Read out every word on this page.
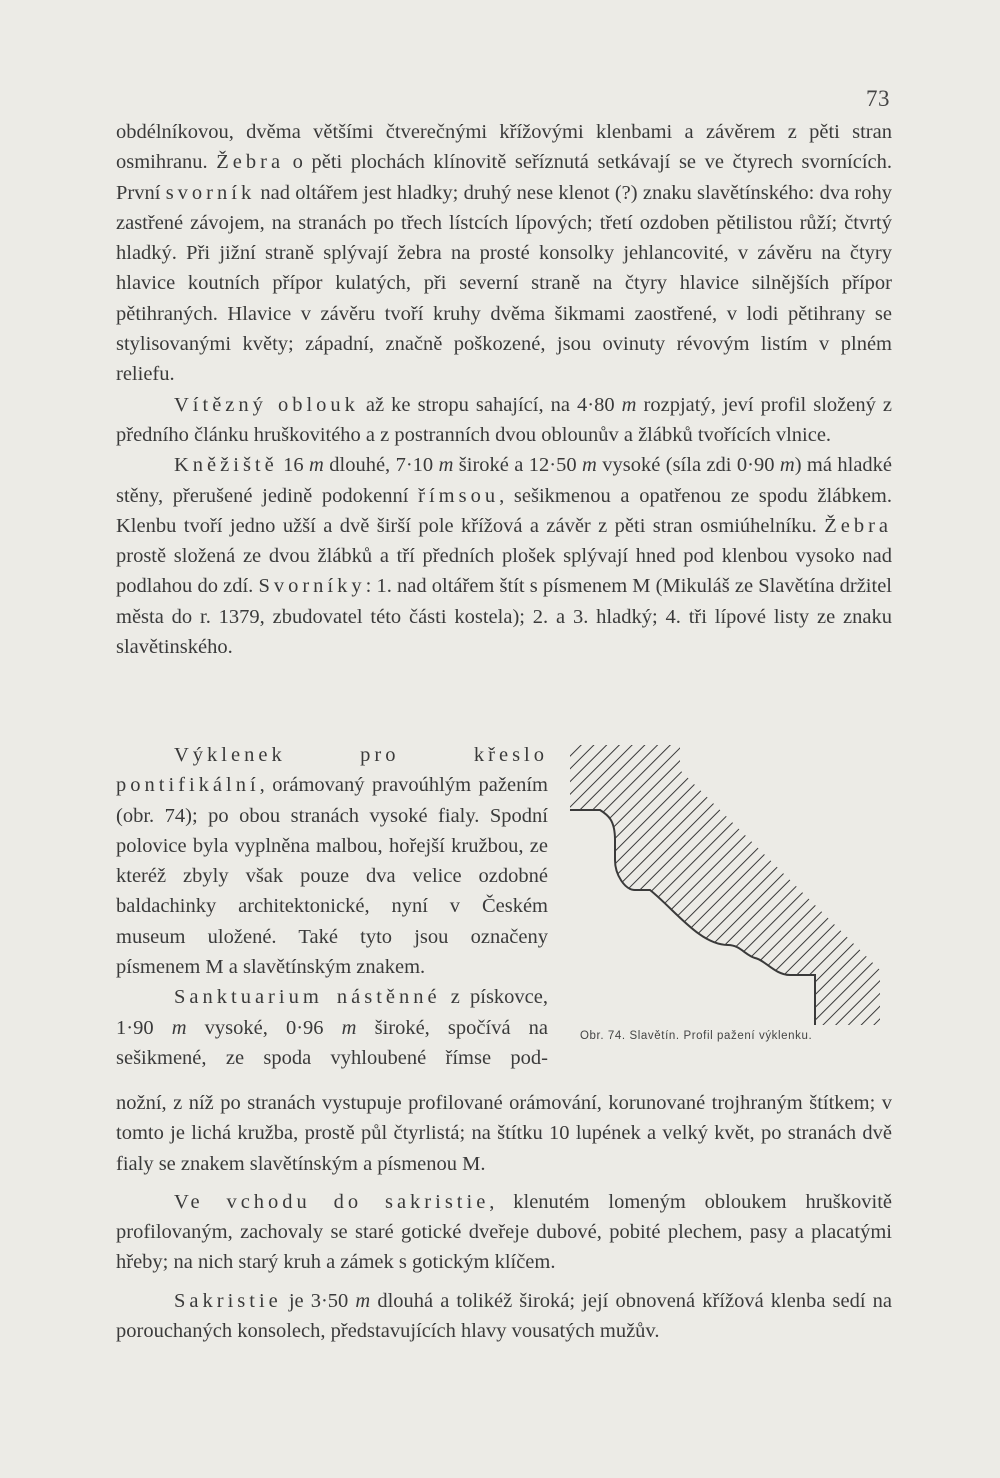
73

obdélníkovou, dvěma většími čtverečnými křížovými klenbami a závěrem z pěti stran osmihranu. Žebra o pěti plochách klínovitě seříznutá setkávají se ve čtyrech svornících. První svorník nad oltářem jest hladky; druhý nese klenot (?) znaku slavětínského: dva rohy zastřené závojem, na stranách po třech lístcích lípových; třetí ozdoben pětilistou růží; čtvrtý hladký. Při jižní straně splývají žebra na prosté konsolky jehlancovité, v závěru na čtyry hlavice koutních přípor kulatých, při severní straně na čtyry hlavice silnějších přípor pětihraných. Hlavice v závěru tvoří kruhy dvěma šikmami zaostřené, v lodi pětihrany se stylisovanými květy; západní, značně poškozené, jsou ovinuty révovým listím v plném reliefu.

Vítězný oblouk až ke stropu sahající, na 4·80 m rozpjatý, jeví profil složený z předního článku hruškovitého a z postranních dvou oblounův a žlábků tvořících vlnice.

Kněžiště 16 m dlouhé, 7·10 m široké a 12·50 m vysoké (síla zdi 0·90 m) má hladké stěny, přerušené jedině podokenní římsou, sešikmenou a opatřenou ze spodu žlábkem. Klenbu tvoří jedno užší a dvě širší pole křížová a závěr z pěti stran osmiúhelníku. Žebra prostě složená ze dvou žlábků a tří předních plošek splývají hned pod klenbou vysoko nad podlahou do zdí. Svorníky: 1. nad oltářem štít s písmenem M (Mikuláš ze Slavětína držitel města do r. 1379, zbudovatel této části kostela); 2. a 3. hladký; 4. tři lípové listy ze znaku slavětinského.

Výklenek pro křeslo pontifikální, orámovaný pravoúhlým pažením (obr. 74); po obou stranách vysoké fialy. Spodní polovice byla vyplněna malbou, hořejší kružbou, ze kteréž zbyly však pouze dva velice ozdobné baldachinky architektonické, nyní v Českém museum uložené. Také tyto jsou označeny písmenem M a slavětínským znakem.

Sanktuarium nástěnné z pískovce, 1·90 m vysoké, 0·96 m široké, spočívá na sešikmené, ze spoda vyhloubené římse pod-

Obr. 74. Slavětín. Profil pažení výklenku.

nožní, z níž po stranách vystupuje profilované orámování, korunované trojhraným štítkem; v tomto je lichá kružba, prostě půl čtyrlistá; na štítku 10 lupének a velký květ, po stranách dvě fialy se znakem slavětínským a písmenou M.

Ve vchodu do sakristie, klenutém lomeným obloukem hruškovitě profilovaným, zachovaly se staré gotické dveřeje dubové, pobité plechem, pasy a placatými hřeby; na nich starý kruh a zámek s gotickým klíčem.

Sakristie je 3·50 m dlouhá a tolikéž široká; její obnovená křížová klenba sedí na porouchaných konsolech, představujících hlavy vousatých mužův.
